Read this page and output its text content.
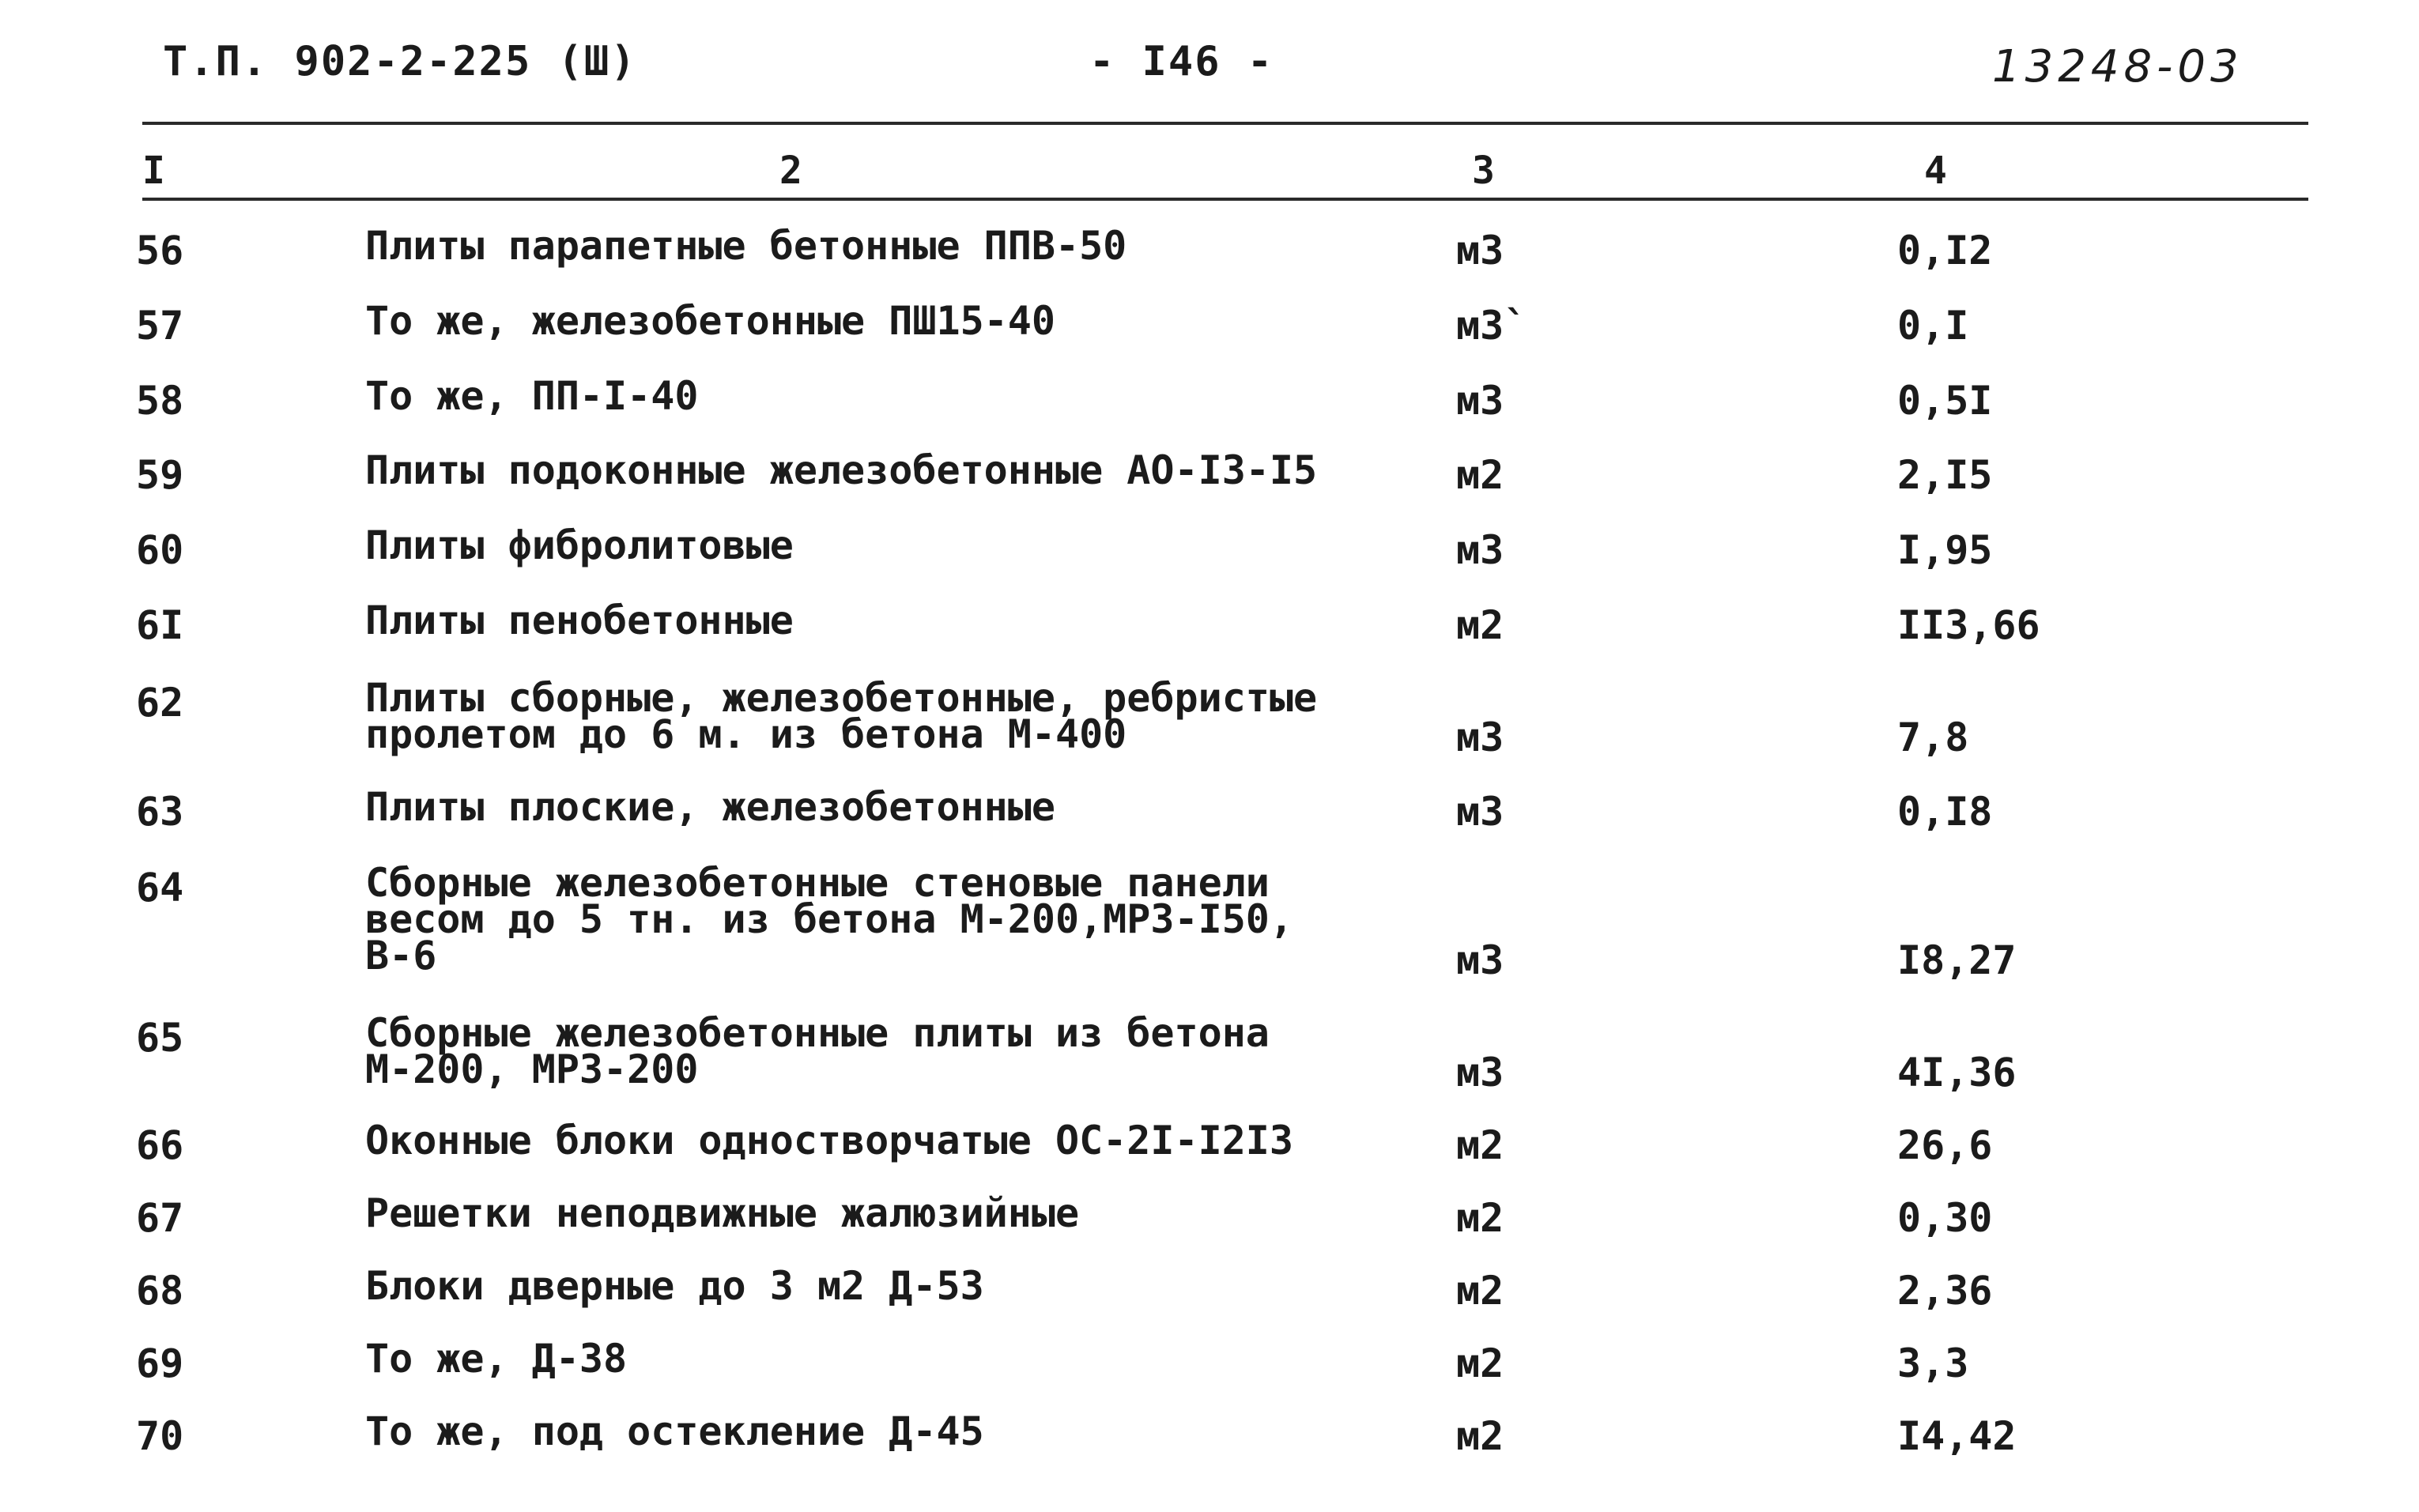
Т.П. 902-2-225 (Ш)	- I46 -	13248-03
I	2	3	4
56	Плиты парапетные бетонные ППВ-50	м3	0,I2
57	То же, железобетонные ПШ15-40	м3`	0,I
58	То же, ПП-I-40	м3	0,5I
59	Плиты подоконные железобетонные АО-I3-I5	м2	2,I5
60	Плиты фибролитовые	м3	I,95
6I	Плиты пенобетонные	м2	II3,66
62	Плиты сборные, железобетонные, ребристые
пролетом до 6 м. из бетона М-400	м3	7,8
63	Плиты плоские, железобетонные	м3	0,I8
64	Сборные железобетонные стеновые панели
весом до 5 тн. из бетона М-200,МРЗ-I50,
В-6	м3	I8,27
65	Сборные железобетонные плиты из бетона
М-200, МРЗ-200	м3	4I,36
66	Оконные блоки одностворчатые ОС-2I-I2I3	м2	26,6
67	Решетки неподвижные жалюзийные	м2	0,30
68	Блоки дверные до 3 м2 Д-53	м2	2,36
69	То же, Д-38	м2	3,3
70	То же, под остекление Д-45	м2	I4,42
